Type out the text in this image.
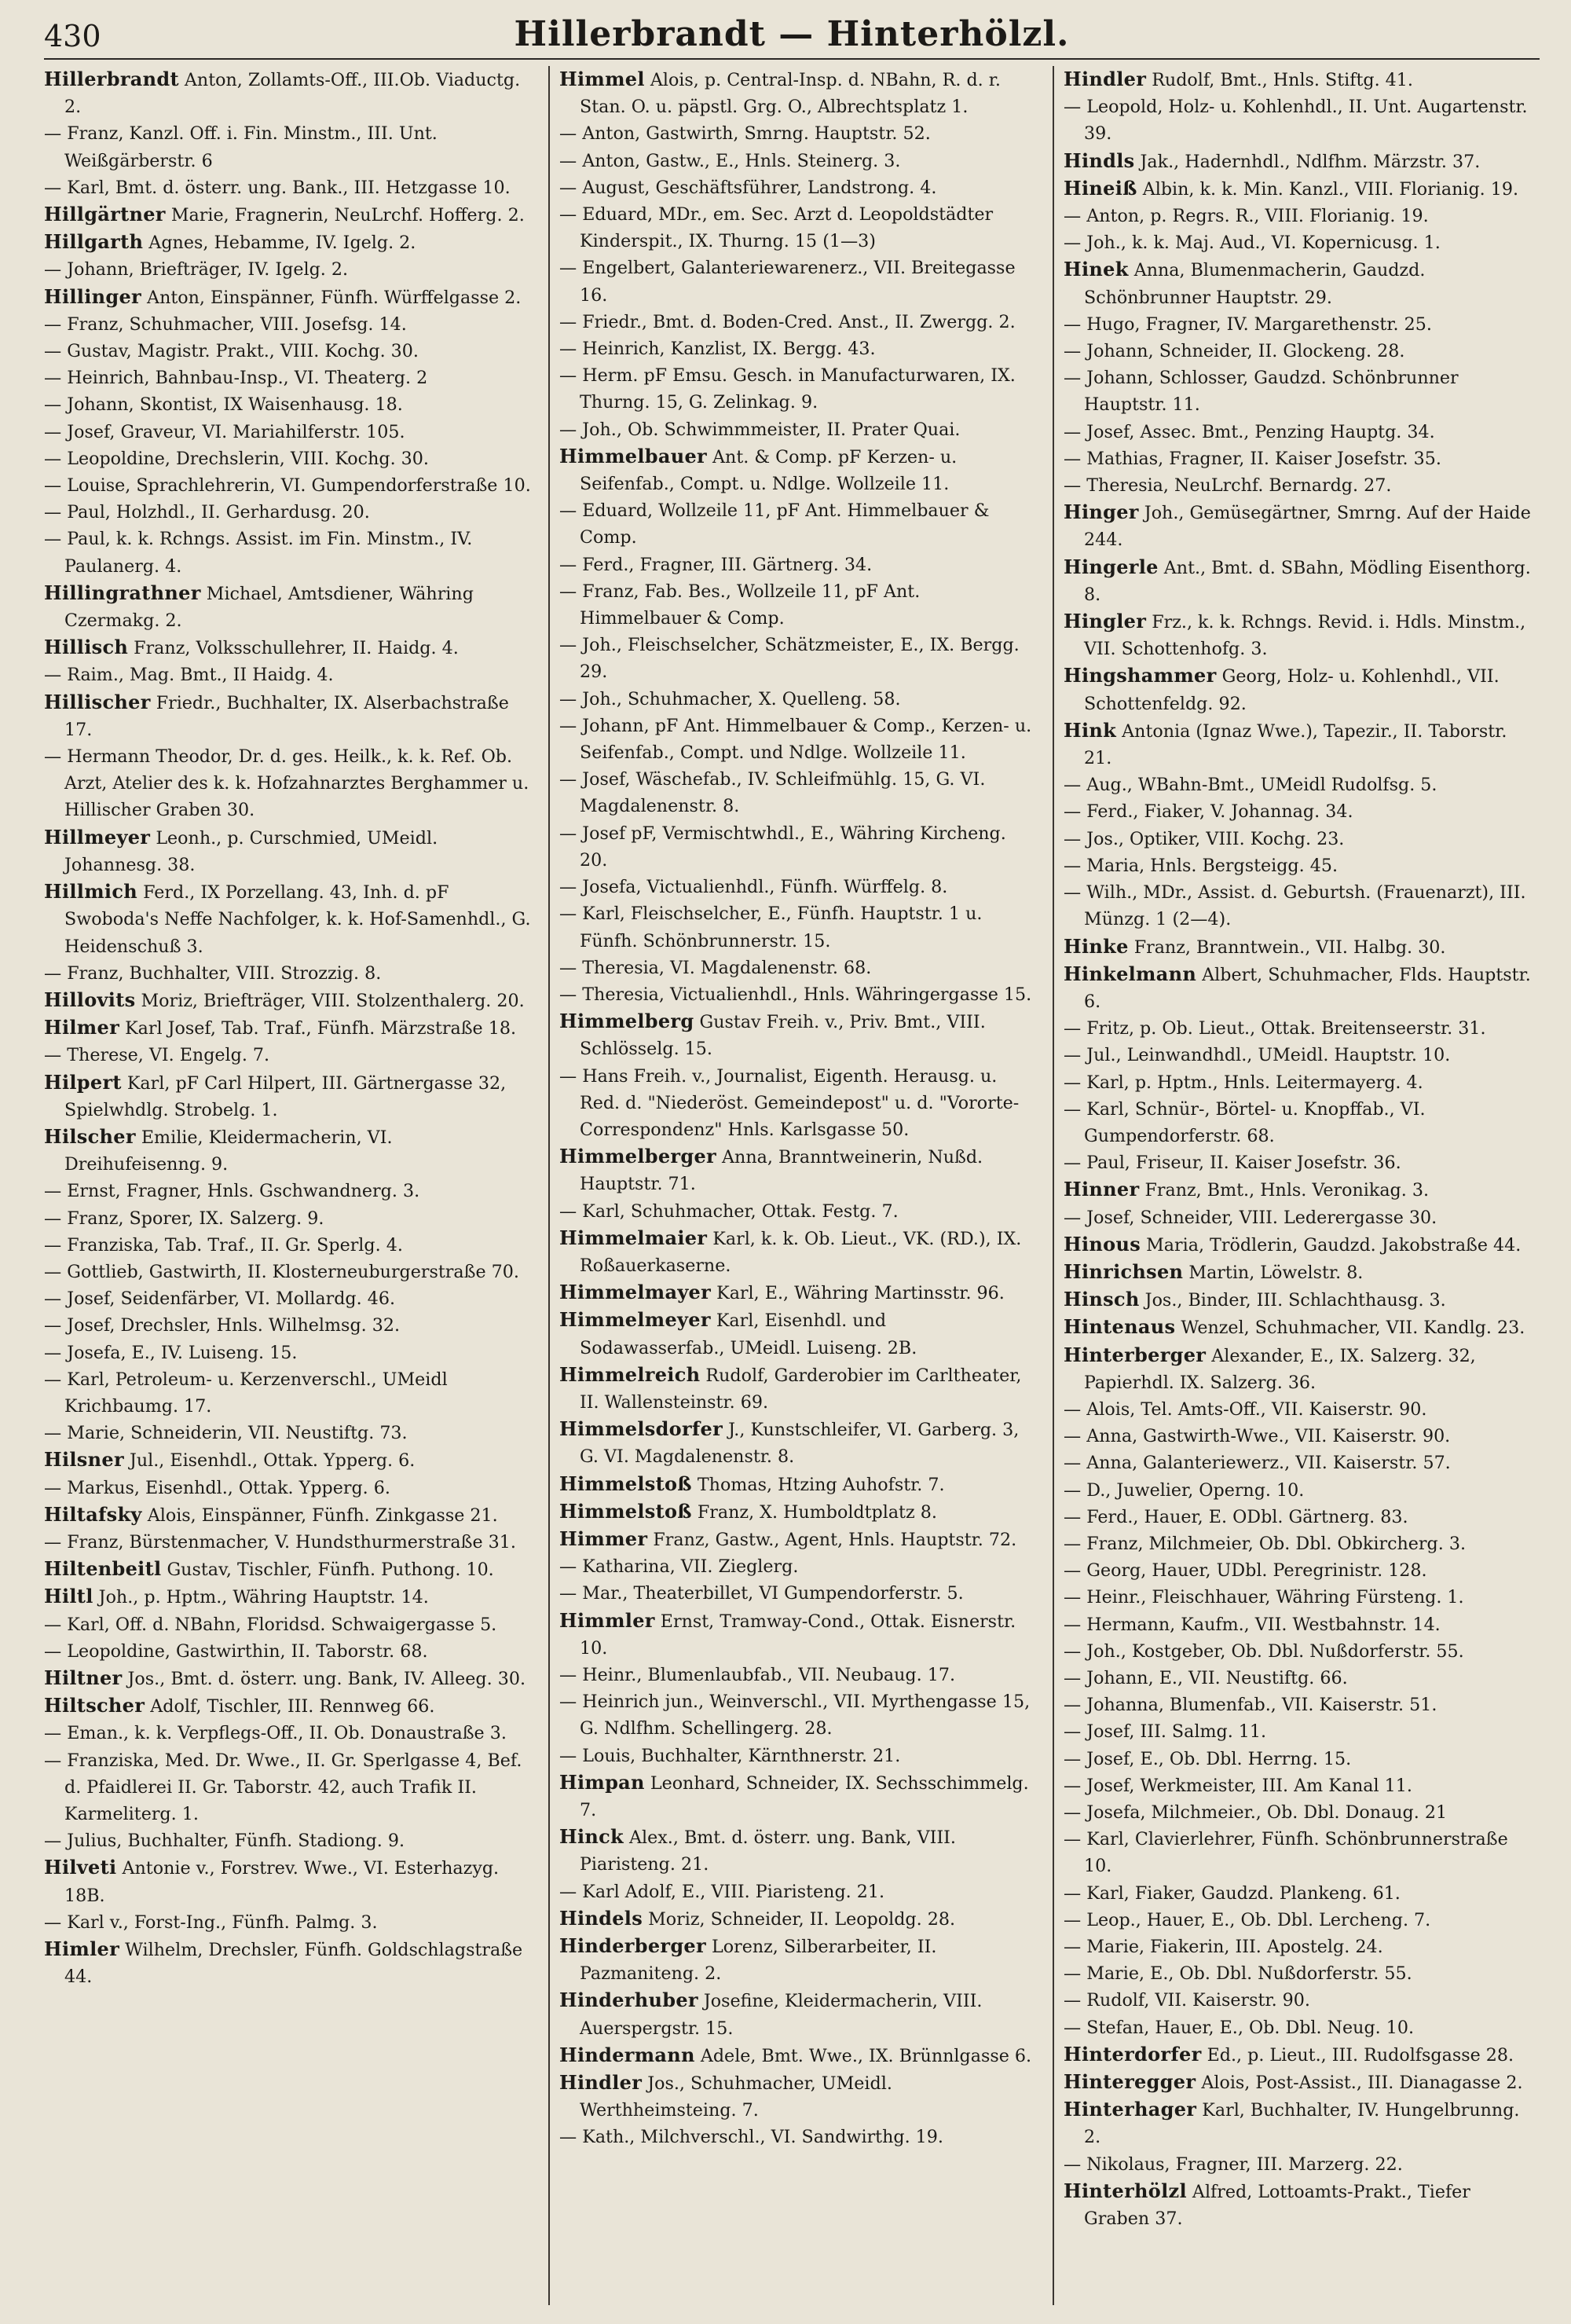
430	Hillerbrandt — Hinterhölzl.
Hillerbrandt Anton, Zollamts-Off., III.Ob. Viaductg. 2.
— Franz, Kanzl. Off. i. Fin. Minstm., III. Unt. Weißgärberstr. 6
— Karl, Bmt. d. österr. ung. Bank., III. Hetzgasse 10.
Hillgärtner Marie, Fragnerin, NeuLrchf. Hofferg. 2.
Hillgarth Agnes, Hebamme, IV. Igelg. 2.
— Johann, Briefträger, IV. Igelg. 2.
Hillinger Anton, Einspänner, Fünfh. Würffelgasse 2.
— Franz, Schuhmacher, VIII. Josefsg. 14.
— Gustav, Magistr. Prakt., VIII. Kochg. 30.
— Heinrich, Bahnbau-Insp., VI. Theaterg. 2
— Johann, Skontist, IX Waisenhausg. 18.
— Josef, Graveur, VI. Mariahilferstr. 105.
— Leopoldine, Drechslerin, VIII. Kochg. 30.
— Louise, Sprachlehrerin, VI. Gumpendorferstraße 10.
— Paul, Holzhdl., II. Gerhardusg. 20.
— Paul, k. k. Rchngs. Assist. im Fin. Minstm., IV. Paulanerg. 4.
Hillingrathner Michael, Amtsdiener, Währing Czermakg. 2.
Hillisch Franz, Volksschullehrer, II. Haidg. 4.
— Raim., Mag. Bmt., II Haidg. 4.
Hillischer Friedr., Buchhalter, IX. Alserbachstraße 17.
— Hermann Theodor, Dr. d. ges. Heilk., k. k. Ref. Ob. Arzt, Atelier des k. k. Hofzahnarztes Berghammer u. Hillischer Graben 30.
Hillmeyer Leonh., p. Curschmied, UMeidl. Johannesg. 38.
Hillmich Ferd., IX Porzellang. 43, Inh. d. pF Swoboda's Neffe Nachfolger, k. k. Hof-Samenhdl., G. Heidenschuß 3.
— Franz, Buchhalter, VIII. Strozzig. 8.
Hillovits Moriz, Briefträger, VIII. Stolzenthalerg. 20.
Hilmer Karl Josef, Tab. Traf., Fünfh. Märzstraße 18.
— Therese, VI. Engelg. 7.
Hilpert Karl, pF Carl Hilpert, III. Gärtnergasse 32, Spielwhdlg. Strobelg. 1.
Hilscher Emilie, Kleidermacherin, VI. Dreihufeisenng. 9.
— Ernst, Fragner, Hnls. Gschwandnerg. 3.
— Franz, Sporer, IX. Salzerg. 9.
— Franziska, Tab. Traf., II. Gr. Sperlg. 4.
— Gottlieb, Gastwirth, II. Klosterneuburgerstraße 70.
— Josef, Seidenfärber, VI. Mollardg. 46.
— Josef, Drechsler, Hnls. Wilhelmsg. 32.
— Josefa, E., IV. Luiseng. 15.
— Karl, Petroleum- u. Kerzenverschl., UMeidl Krichbaumg. 17.
— Marie, Schneiderin, VII. Neustiftg. 73.
Hilsner Jul., Eisenhdl., Ottak. Ypperg. 6.
— Markus, Eisenhdl., Ottak. Ypperg. 6.
Hiltafsky Alois, Einspänner, Fünfh. Zinkgasse 21.
— Franz, Bürstenmacher, V. Hundsthurmerstraße 31.
Hiltenbeitl Gustav, Tischler, Fünfh. Puthong. 10.
Hiltl Joh., p. Hptm., Währing Hauptstr. 14.
— Karl, Off. d. NBahn, Floridsd. Schwaigergasse 5.
— Leopoldine, Gastwirthin, II. Taborstr. 68.
Hiltner Jos., Bmt. d. österr. ung. Bank, IV. Alleeg. 30.
Hiltscher Adolf, Tischler, III. Rennweg 66.
— Eman., k. k. Verpflegs-Off., II. Ob. Donaustraße 3.
— Franziska, Med. Dr. Wwe., II. Gr. Sperlgasse 4, Bef. d. Pfaidlerei II. Gr. Taborstr. 42, auch Trafik II. Karmeliterg. 1.
— Julius, Buchhalter, Fünfh. Stadiong. 9.
Hilveti Antonie v., Forstrev. Wwe., VI. Esterhazyg. 18B.
— Karl v., Forst-Ing., Fünfh. Palmg. 3.
Himler Wilhelm, Drechsler, Fünfh. Goldschlagstraße 44.
Himmel Alois, p. Central-Insp. d. NBahn, R. d. r. Stan. O. u. päpstl. Grg. O., Albrechtsplatz 1.
— Anton, Gastwirth, Smrng. Hauptstr. 52.
— Anton, Gastw., E., Hnls. Steinerg. 3.
— August, Geschäftsführer, Landstrong. 4.
— Eduard, MDr., em. Sec. Arzt d. Leopoldstädter Kinderspit., IX. Thurng. 15 (1—3)
— Engelbert, Galanteriewarenerz., VII. Breitegasse 16.
— Friedr., Bmt. d. Boden-Cred. Anst., II. Zwergg. 2.
— Heinrich, Kanzlist, IX. Bergg. 43.
— Herm. pF Emsu. Gesch. in Manufacturwaren, IX. Thurng. 15, G. Zelinkag. 9.
— Joh., Ob. Schwimmmeister, II. Prater Quai.
Himmelbauer Ant. & Comp. pF Kerzen- u. Seifenfab., Compt. u. Ndlge. Wollzeile 11.
— Eduard, Wollzeile 11, pF Ant. Himmelbauer & Comp.
— Ferd., Fragner, III. Gärtnerg. 34.
— Franz, Fab. Bes., Wollzeile 11, pF Ant. Himmelbauer & Comp.
— Joh., Fleischselcher, Schätzmeister, E., IX. Bergg. 29.
— Joh., Schuhmacher, X. Quelleng. 58.
— Johann, pF Ant. Himmelbauer & Comp., Kerzen- u. Seifenfab., Compt. und Ndlge. Wollzeile 11.
— Josef, Wäschefab., IV. Schleifmühlg. 15, G. VI. Magdalenenstr. 8.
— Josef pF, Vermischtwhdl., E., Währing Kircheng. 20.
— Josefa, Victualienhdl., Fünfh. Würffelg. 8.
— Karl, Fleischselcher, E., Fünfh. Hauptstr. 1 u. Fünfh. Schönbrunnerstr. 15.
— Theresia, VI. Magdalenenstr. 68.
— Theresia, Victualienhdl., Hnls. Währingergasse 15.
Himmelberg Gustav Freih. v., Priv. Bmt., VIII. Schlösselg. 15.
— Hans Freih. v., Journalist, Eigenth. Herausg. u. Red. d. "Niederöst. Gemeindepost" u. d. "Vororte-Correspondenz" Hnls. Karlsgasse 50.
Himmelberger Anna, Branntweinerin, Nußd. Hauptstr. 71.
— Karl, Schuhmacher, Ottak. Festg. 7.
Himmelmaier Karl, k. k. Ob. Lieut., VK. (RD.), IX. Roßauerkaserne.
Himmelmayer Karl, E., Währing Martinsstr. 96.
Himmelmeyer Karl, Eisenhdl. und Sodawasserfab., UMeidl. Luiseng. 2B.
Himmelreich Rudolf, Garderobier im Carltheater, II. Wallensteinstr. 69.
Himmelsdorfer J., Kunstschleifer, VI. Garberg. 3, G. VI. Magdalenenstr. 8.
Himmelstoß Thomas, Htzing Auhofstr. 7.
Himmelstoß Franz, X. Humboldtplatz 8.
Himmer Franz, Gastw., Agent, Hnls. Hauptstr. 72.
— Katharina, VII. Zieglerg.
— Mar., Theaterbillet, VI Gumpendorferstr. 5.
Himmler Ernst, Tramway-Cond., Ottak. Eisnerstr. 10.
— Heinr., Blumenlaubfab., VII. Neubaug. 17.
— Heinrich jun., Weinverschl., VII. Myrthengasse 15, G. Ndlfhm. Schellingerg. 28.
— Louis, Buchhalter, Kärnthnerstr. 21.
Himpan Leonhard, Schneider, IX. Sechsschimmelg. 7.
Hinck Alex., Bmt. d. österr. ung. Bank, VIII. Piaristeng. 21.
— Karl Adolf, E., VIII. Piaristeng. 21.
Hindels Moriz, Schneider, II. Leopoldg. 28.
Hinderberger Lorenz, Silberarbeiter, II. Pazmaniteng. 2.
Hinderhuber Josefine, Kleidermacherin, VIII. Auerspergstr. 15.
Hindermann Adele, Bmt. Wwe., IX. Brünnlgasse 6.
Hindler Jos., Schuhmacher, UMeidl. Werthheimsteing. 7.
— Kath., Milchverschl., VI. Sandwirthg. 19.
Hindler Rudolf, Bmt., Hnls. Stiftg. 41.
— Leopold, Holz- u. Kohlenhdl., II. Unt. Augartenstr. 39.
Hindls Jak., Hadernhdl., Ndlfhm. Märzstr. 37.
Hineiß Albin, k. k. Min. Kanzl., VIII. Florianig. 19.
— Anton, p. Regrs. R., VIII. Florianig. 19.
— Joh., k. k. Maj. Aud., VI. Kopernicusg. 1.
Hinek Anna, Blumenmacherin, Gaudzd. Schönbrunner Hauptstr. 29.
— Hugo, Fragner, IV. Margarethenstr. 25.
— Johann, Schneider, II. Glockeng. 28.
— Johann, Schlosser, Gaudzd. Schönbrunner Hauptstr. 11.
— Josef, Assec. Bmt., Penzing Hauptg. 34.
— Mathias, Fragner, II. Kaiser Josefstr. 35.
— Theresia, NeuLrchf. Bernardg. 27.
Hinger Joh., Gemüsegärtner, Smrng. Auf der Haide 244.
Hingerle Ant., Bmt. d. SBahn, Mödling Eisenthorg. 8.
Hingler Frz., k. k. Rchngs. Revid. i. Hdls. Minstm., VII. Schottenhofg. 3.
Hingshammer Georg, Holz- u. Kohlenhdl., VII. Schottenfeldg. 92.
Hink Antonia (Ignaz Wwe.), Tapezir., II. Taborstr. 21.
— Aug., WBahn-Bmt., UMeidl Rudolfsg. 5.
— Ferd., Fiaker, V. Johannag. 34.
— Jos., Optiker, VIII. Kochg. 23.
— Maria, Hnls. Bergsteigg. 45.
— Wilh., MDr., Assist. d. Geburtsh. (Frauenarzt), III. Münzg. 1 (2—4).
Hinke Franz, Branntwein., VII. Halbg. 30.
Hinkelmann Albert, Schuhmacher, Flds. Hauptstr. 6.
— Fritz, p. Ob. Lieut., Ottak. Breitenseerstr. 31.
— Jul., Leinwandhdl., UMeidl. Hauptstr. 10.
— Karl, p. Hptm., Hnls. Leitermayerg. 4.
— Karl, Schnür-, Börtel- u. Knopffab., VI. Gumpendorferstr. 68.
— Paul, Friseur, II. Kaiser Josefstr. 36.
Hinner Franz, Bmt., Hnls. Veronikag. 3.
— Josef, Schneider, VIII. Lederergasse 30.
Hinous Maria, Trödlerin, Gaudzd. Jakobstraße 44.
Hinrichsen Martin, Löwelstr. 8.
Hinsch Jos., Binder, III. Schlachthausg. 3.
Hintenaus Wenzel, Schuhmacher, VII. Kandlg. 23.
Hinterberger Alexander, E., IX. Salzerg. 32, Papierhdl. IX. Salzerg. 36.
— Alois, Tel. Amts-Off., VII. Kaiserstr. 90.
— Anna, Gastwirth-Wwe., VII. Kaiserstr. 90.
— Anna, Galanteriewerz., VII. Kaiserstr. 57.
— D., Juwelier, Operng. 10.
— Ferd., Hauer, E. ODbl. Gärtnerg. 83.
— Franz, Milchmeier, Ob. Dbl. Obkircherg. 3.
— Georg, Hauer, UDbl. Peregrinistr. 128.
— Heinr., Fleischhauer, Währing Fürsteng. 1.
— Hermann, Kaufm., VII. Westbahnstr. 14.
— Joh., Kostgeber, Ob. Dbl. Nußdorferstr. 55.
— Johann, E., VII. Neustiftg. 66.
— Johanna, Blumenfab., VII. Kaiserstr. 51.
— Josef, III. Salmg. 11.
— Josef, E., Ob. Dbl. Herrng. 15.
— Josef, Werkmeister, III. Am Kanal 11.
— Josefa, Milchmeier., Ob. Dbl. Donaug. 21
— Karl, Clavierlehrer, Fünfh. Schönbrunnerstraße 10.
— Karl, Fiaker, Gaudzd. Plankeng. 61.
— Leop., Hauer, E., Ob. Dbl. Lercheng. 7.
— Marie, Fiakerin, III. Apostelg. 24.
— Marie, E., Ob. Dbl. Nußdorferstr. 55.
— Rudolf, VII. Kaiserstr. 90.
— Stefan, Hauer, E., Ob. Dbl. Neug. 10.
Hinterdorfer Ed., p. Lieut., III. Rudolfsgasse 28.
Hinteregger Alois, Post-Assist., III. Dianagasse 2.
Hinterhager Karl, Buchhalter, IV. Hungelbrunng. 2.
— Nikolaus, Fragner, III. Marzerg. 22.
Hinterhölzl Alfred, Lottoamts-Prakt., Tiefer Graben 37.
